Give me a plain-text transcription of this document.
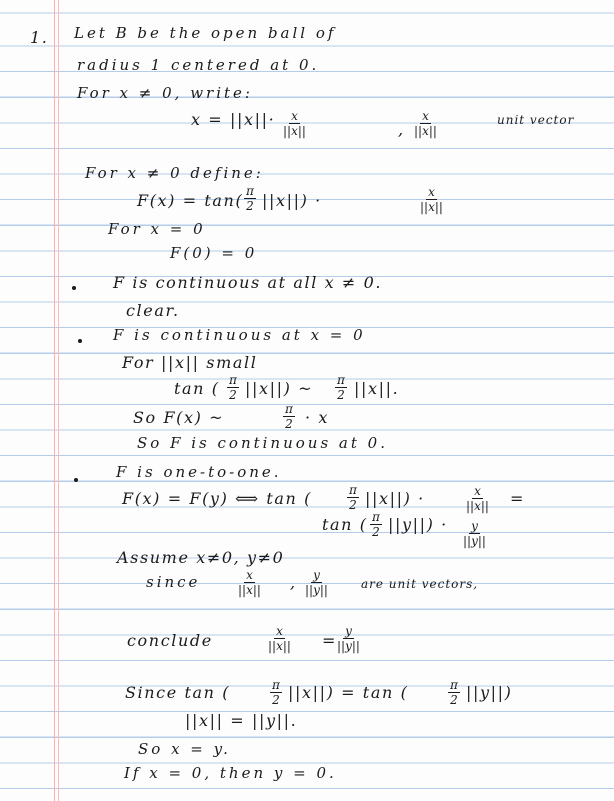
1. Let B be the open ball of
radius 1 centered at 0.
For x ≠ 0, write:
$x = ||x||\cdot \frac{x}{||x||}$	, $\frac{x}{||x||}$	unit vector
For x ≠ 0 define:
$F(x) = \tan( \frac{\pi}{2} ||x||)$ ·	$\frac{x}{||x||}$
For x = 0
F(0) = 0
F is continuous at all x ≠ 0.
clear.
F is continuous at x = 0
For ||x|| small
tan ( $\frac{\pi}{2} ||x||$) ~ $\frac{\pi}{2} ||x||$.
So F(x) ~	$\frac{\pi}{2} \cdot x$
So F is continuous at 0.
F is one-to-one.
F(x) = F(y) ⟺ tan (	$\frac{\pi}{2} ||x||$) ·	$\frac{x}{||x||}$ =
tan ( $\frac{\pi}{2} ||y||) \cdot \frac{y}{||y||}$
Assume x≠0, y≠0
since	$\frac{x}{||x||}$ , $\frac{y}{||y||}$	are unit vectors,
conclude	$\frac{x}{||x||} = \frac{y}{||y||}$
Since tan (	$\frac{\pi}{2} ||x||) = \tan$ (	$\frac{\pi}{2} ||y||$)
||x|| = ||y||.
So x = y.
If x = 0, then y = 0.
